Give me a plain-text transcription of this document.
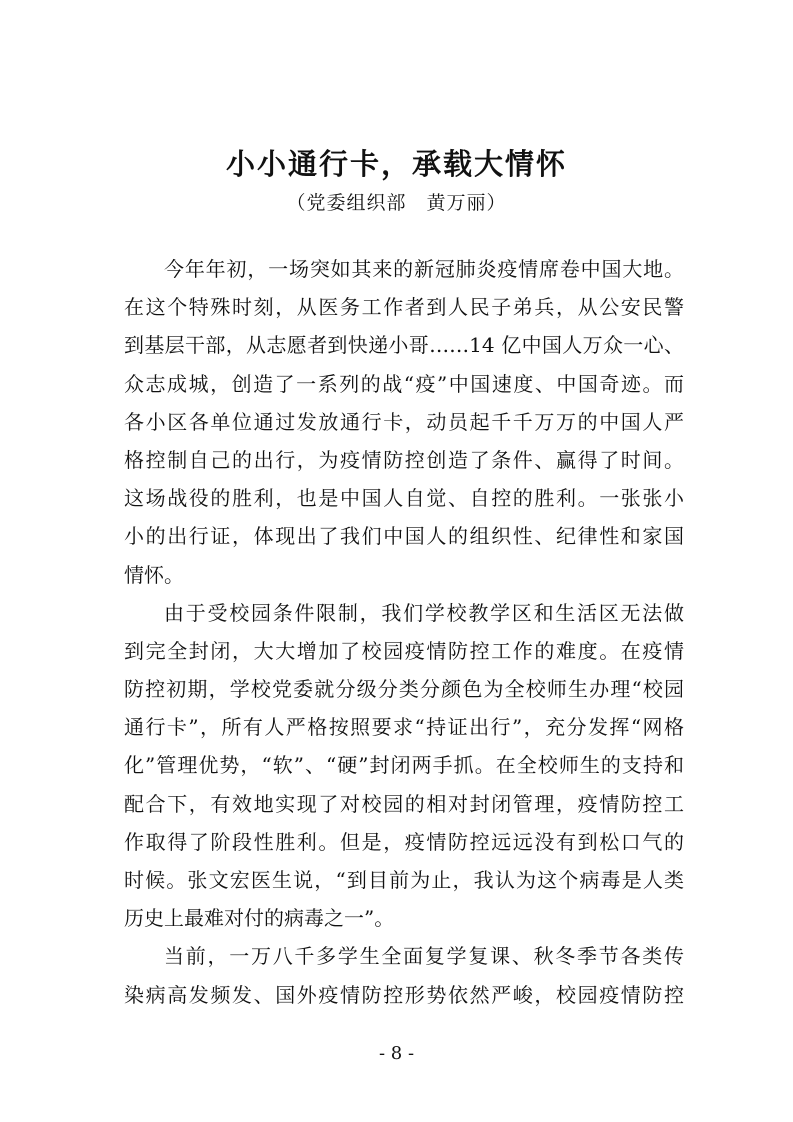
小小通行卡，承载大情怀
（党委组织部　黄万丽）
今年年初，一场突如其来的新冠肺炎疫情席卷中国大地。
在这个特殊时刻，从医务工作者到人民子弟兵，从公安民警
到基层干部，从志愿者到快递小哥……14 亿中国人万众一心、
众志成城，创造了一系列的战“疫”中国速度、中国奇迹。而
各小区各单位通过发放通行卡，动员起千千万万的中国人严
格控制自己的出行，为疫情防控创造了条件、赢得了时间。
这场战役的胜利，也是中国人自觉、自控的胜利。一张张小
小的出行证，体现出了我们中国人的组织性、纪律性和家国
情怀。
由于受校园条件限制，我们学校教学区和生活区无法做
到完全封闭，大大增加了校园疫情防控工作的难度。在疫情
防控初期，学校党委就分级分类分颜色为全校师生办理“校园
通行卡”，所有人严格按照要求“持证出行”，充分发挥“网格
化”管理优势，“软”、“硬”封闭两手抓。在全校师生的支持和
配合下，有效地实现了对校园的相对封闭管理，疫情防控工
作取得了阶段性胜利。但是，疫情防控远远没有到松口气的
时候。张文宏医生说，“到目前为止，我认为这个病毒是人类
历史上最难对付的病毒之一”。
当前，一万八千多学生全面复学复课、秋冬季节各类传
染病高发频发、国外疫情防控形势依然严峻，校园疫情防控
- 8 -
